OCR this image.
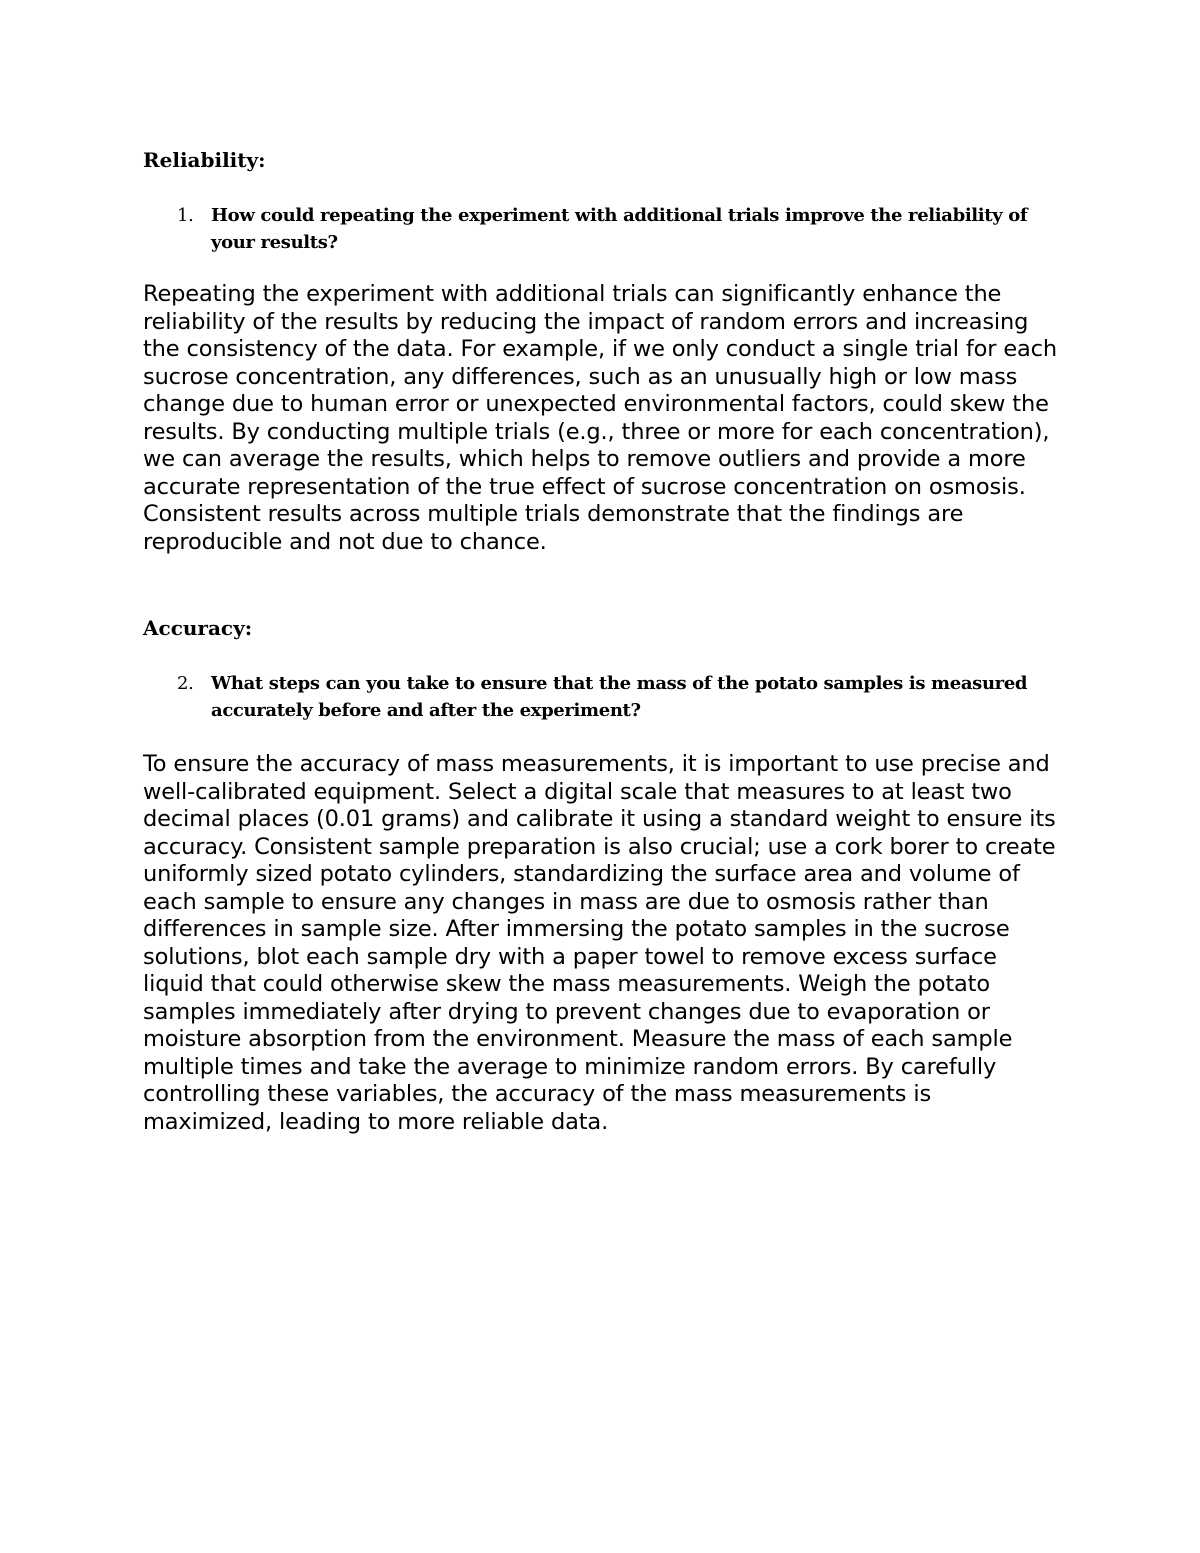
Reliability:
1. How could repeating the experiment with additional trials improve the reliability of your results?

Repeating the experiment with additional trials can significantly enhance the reliability of the results by reducing the impact of random errors and increasing the consistency of the data. For example, if we only conduct a single trial for each sucrose concentration, any differences, such as an unusually high or low mass change due to human error or unexpected environmental factors, could skew the results. By conducting multiple trials (e.g., three or more for each concentration), we can average the results, which helps to remove outliers and provide a more accurate representation of the true effect of sucrose concentration on osmosis. Consistent results across multiple trials demonstrate that the findings are reproducible and not due to chance.

Accuracy:
2. What steps can you take to ensure that the mass of the potato samples is measured accurately before and after the experiment?

To ensure the accuracy of mass measurements, it is important to use precise and well-calibrated equipment. Select a digital scale that measures to at least two decimal places (0.01 grams) and calibrate it using a standard weight to ensure its accuracy. Consistent sample preparation is also crucial; use a cork borer to create uniformly sized potato cylinders, standardizing the surface area and volume of each sample to ensure any changes in mass are due to osmosis rather than differences in sample size. After immersing the potato samples in the sucrose solutions, blot each sample dry with a paper towel to remove excess surface liquid that could otherwise skew the mass measurements. Weigh the potato samples immediately after drying to prevent changes due to evaporation or moisture absorption from the environment. Measure the mass of each sample multiple times and take the average to minimize random errors. By carefully controlling these variables, the accuracy of the mass measurements is maximized, leading to more reliable data.
